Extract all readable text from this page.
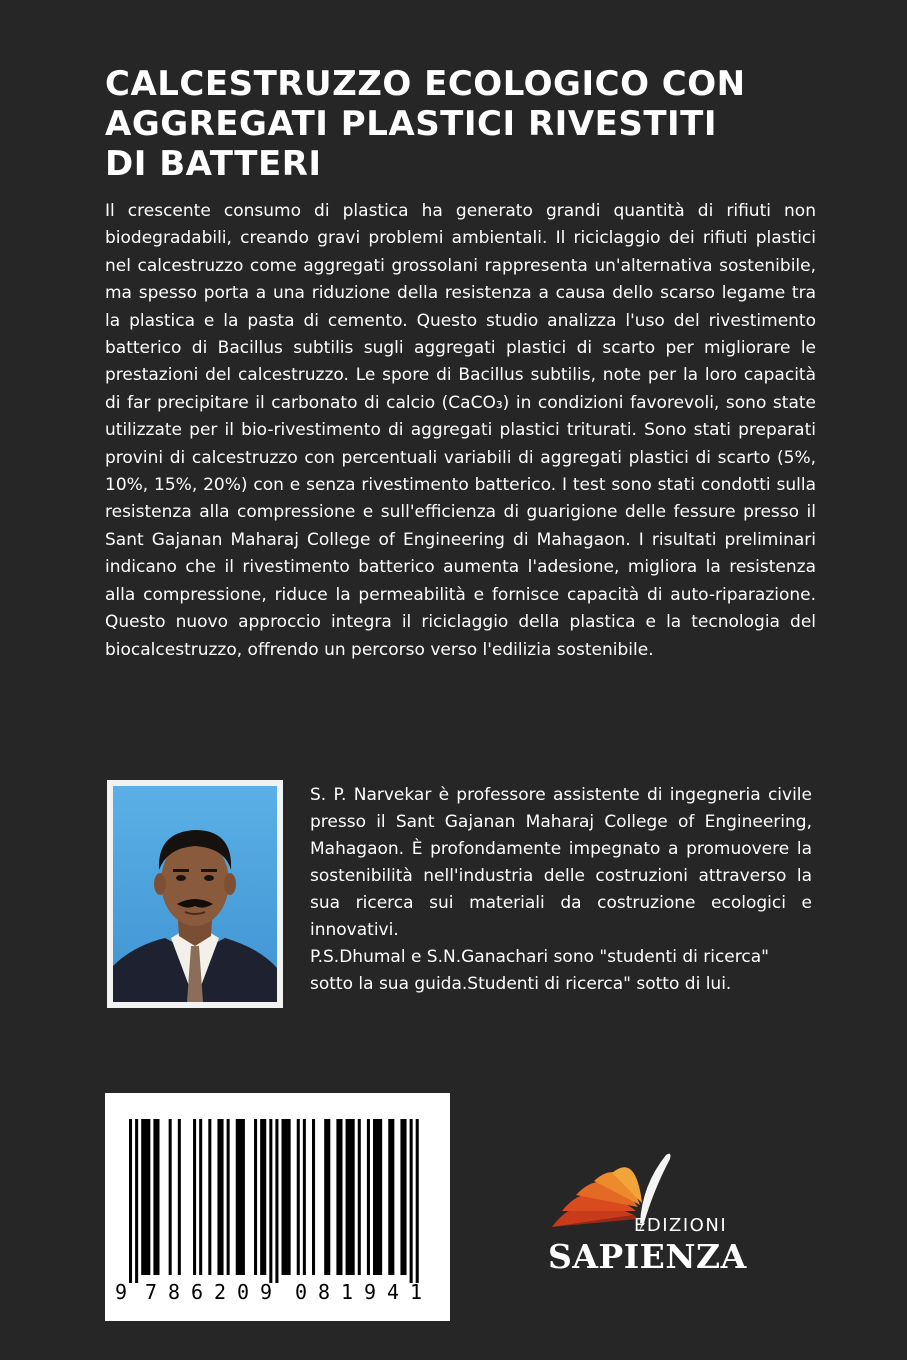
CALCESTRUZZO ECOLOGICO CON
AGGREGATI PLASTICI RIVESTITI
DI BATTERI

Il crescente consumo di plastica ha generato grandi quantità di rifiuti non biodegradabili, creando gravi problemi ambientali. Il riciclaggio dei rifiuti plastici nel calcestruzzo come aggregati grossolani rappresenta un'alternativa sostenibile, ma spesso porta a una riduzione della resistenza a causa dello scarso legame tra la plastica e la pasta di cemento. Questo studio analizza l'uso del rivestimento batterico di Bacillus subtilis sugli aggregati plastici di scarto per migliorare le prestazioni del calcestruzzo. Le spore di Bacillus subtilis, note per la loro capacità di far precipitare il carbonato di calcio (CaCO₃) in condizioni favorevoli, sono state utilizzate per il bio-rivestimento di aggregati plastici triturati. Sono stati preparati provini di calcestruzzo con percentuali variabili di aggregati plastici di scarto (5%, 10%, 15%, 20%) con e senza rivestimento batterico. I test sono stati condotti sulla resistenza alla compressione e sull'efficienza di guarigione delle fessure presso il Sant Gajanan Maharaj College of Engineering di Mahagaon. I risultati preliminari indicano che il rivestimento batterico aumenta l'adesione, migliora la resistenza alla compressione, riduce la permeabilità e fornisce capacità di auto-riparazione. Questo nuovo approccio integra il riciclaggio della plastica e la tecnologia del biocalcestruzzo, offrendo un percorso verso l'edilizia sostenibile.

S. P. Narvekar è professore assistente di ingegneria civile presso il Sant Gajanan Maharaj College of Engineering, Mahagaon. È profondamente impegnato a promuovere la sostenibilità nell'industria delle costruzioni attraverso la sua ricerca sui materiali da costruzione ecologici e innovativi.

P.S.Dhumal e S.N.Ganachari sono "studenti di ricerca" sotto la sua guida.Studenti di ricerca" sotto di lui.

9 7 8 6 2 0 9 0 8 1 9 4 1
EDIZIONI
SAPIENZA
